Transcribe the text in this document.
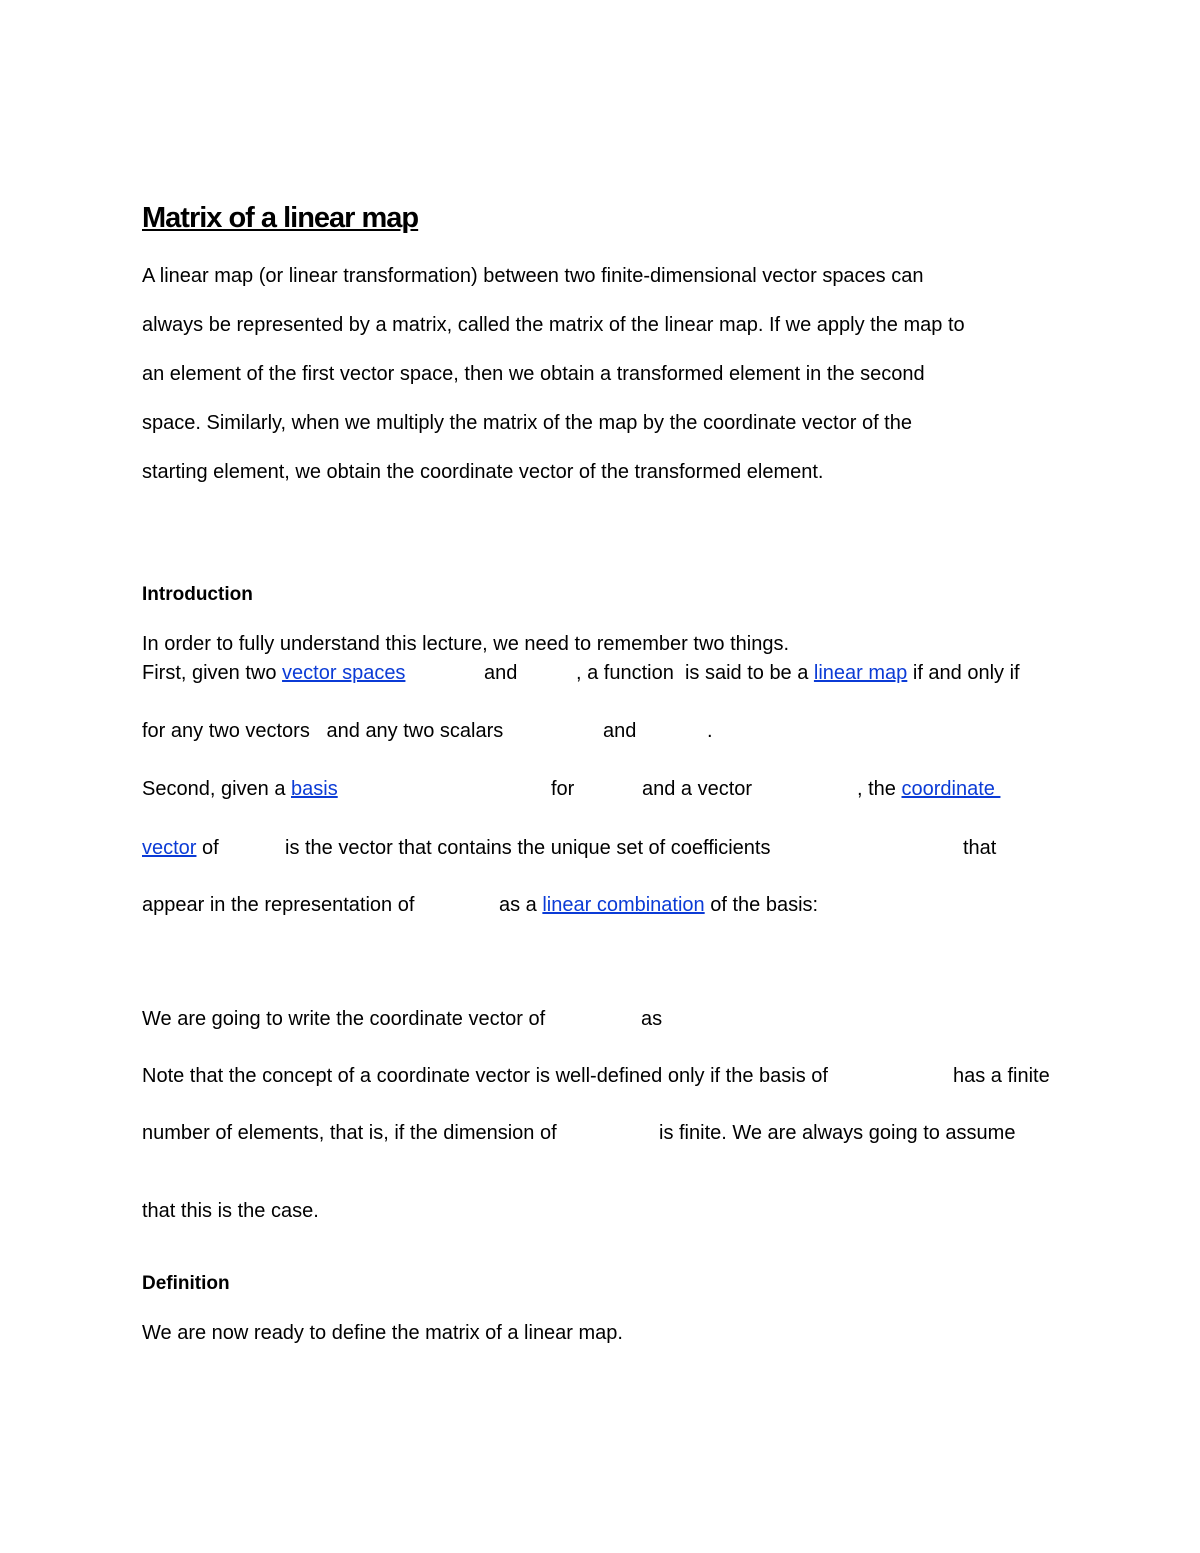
Matrix of a linear map
A linear map (or linear transformation) between two finite-dimensional vector spaces can
always be represented by a matrix, called the matrix of the linear map. If we apply the map to
an element of the first vector space, then we obtain a transformed element in the second
space. Similarly, when we multiply the matrix of the map by the coordinate vector of the
starting element, we obtain the coordinate vector of the transformed element.
Introduction
In order to fully understand this lecture, we need to remember two things.
First, given two vector spaces	and	, a function  is said to be a linear map if and only if
for any two vectors   and any two scalars	and	.
Second, given a basis	for	and a vector	, the coordinate
vector of	is the vector that contains the unique set of coefficients	that
appear in the representation of	as a linear combination of the basis:
We are going to write the coordinate vector of	as
Note that the concept of a coordinate vector is well-defined only if the basis of	has a finite
number of elements, that is, if the dimension of	is finite. We are always going to assume
that this is the case.
Definition
We are now ready to define the matrix of a linear map.
